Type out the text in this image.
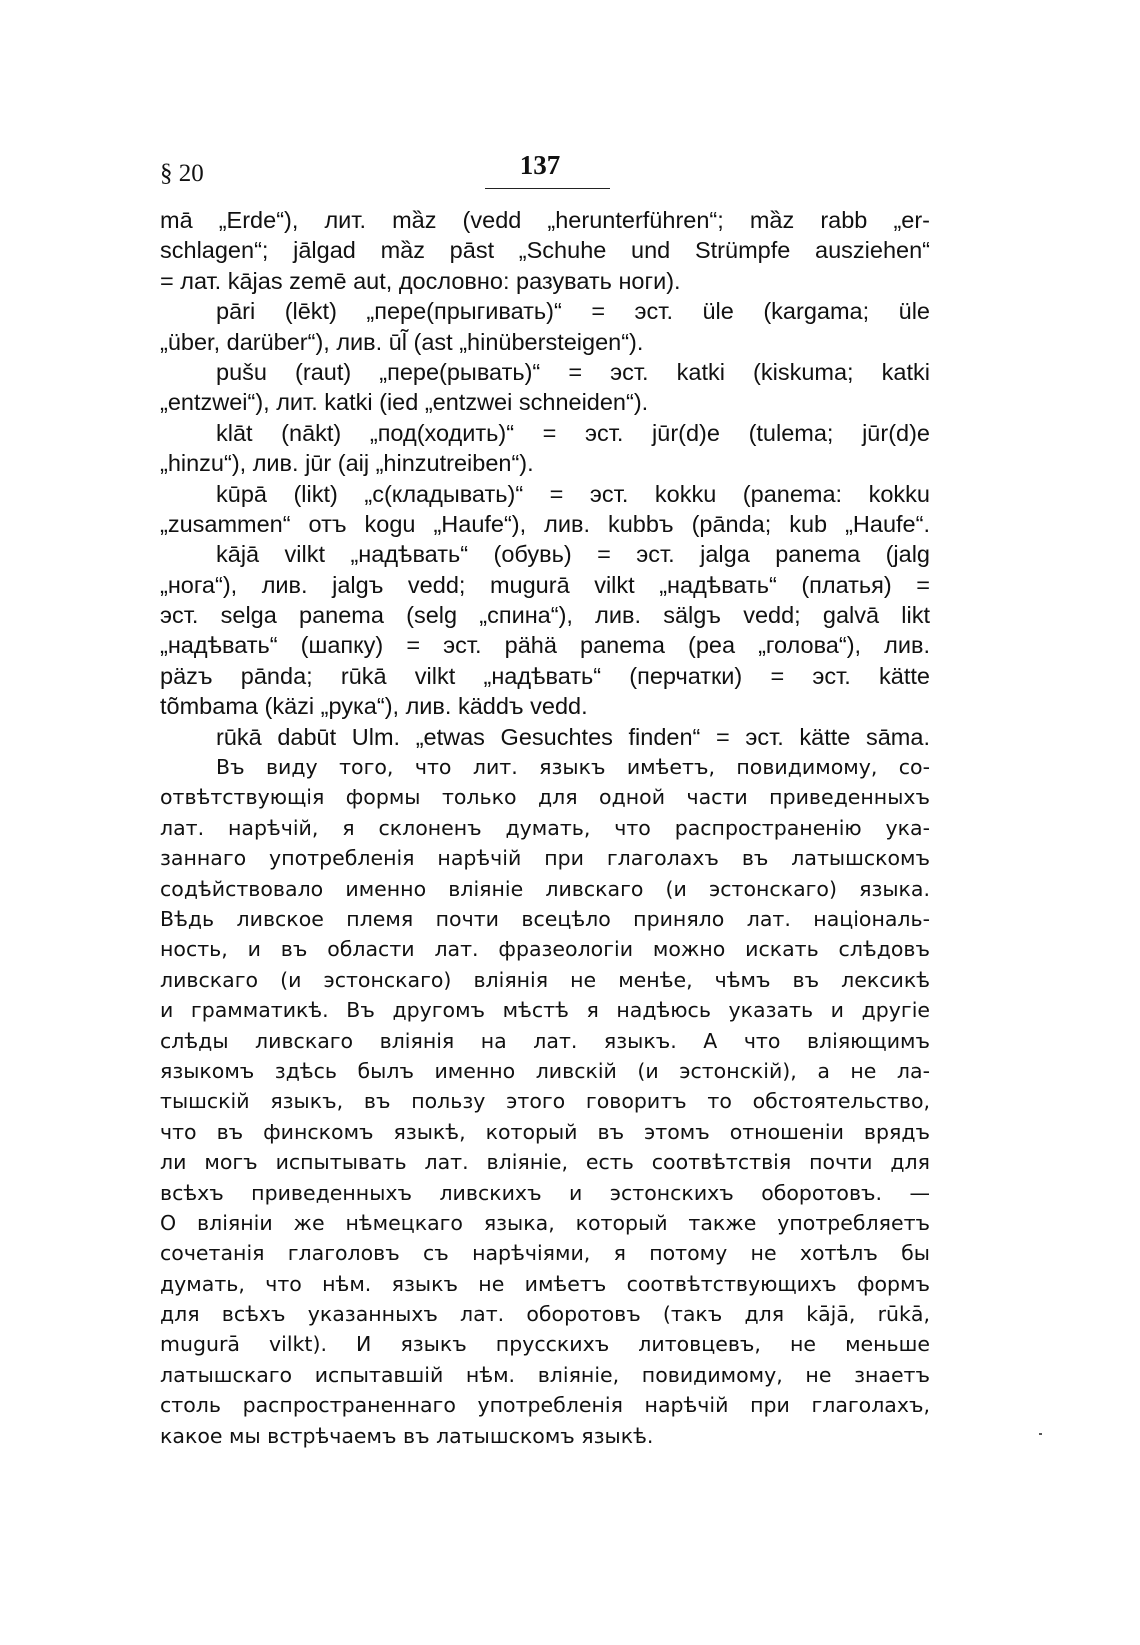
§ 20	137
mā „Erde“), лит. mȁz (vedd „herunterführen“; mȁz rabb „er-
schlagen“; jālgad mȁz pāst „Schuhe und Strümpfe ausziehen“
= лат. kājas zemē aut, дословно: разувать ноги).
pāri (lēkt) „пере(прыгивать)“ = эст. üle (kargama; üle
„über, darüber“), лив. ūl̃ (ast „hinübersteigen“).
pušu (raut) „пере(рывать)“ = эст. katki (kiskuma; katki
„entzwei“), лит. katki (ied „entzwei schneiden“).
klāt (nākt) „под(ходить)“ = эст. jūr(d)e (tulema; jūr(d)e
„hinzu“), лив. jūr (aij „hinzutreiben“).
kūpā (likt) „с(кладывать)“ = эст. kokku (panema: kokku
„zusammen“ отъ kogu „Haufe“), лив. kubbъ (pānda; kub „Haufe“.
kājā vilkt „надѣвать“ (обувь) = эст. jalga panema (jalg
„нога“), лив. jalgъ vedd; mugurā vilkt „надѣвать“ (платья) =
эст. selga panema (selg „спина“), лив. sälgъ vedd; galvā likt
„надѣвать“ (шапку) = эст. pähä panema (pea „голова“), лив.
päzъ pānda; rūkā vilkt „надѣвать“ (перчатки) = эст. kätte
tõmbama (käzi „рука“), лив. käddъ vedd.
rūkā dabūt Ulm. „etwas Gesuchtes finden“ = эст. kätte sāma.
Въ виду того, что лит. языкъ имѣетъ, повидимому, со-
отвѣтствующія формы только для одной части приведенныхъ
лат. нарѣчій, я склоненъ думать, что распространенію ука-
заннаго употребленія нарѣчій при глаголахъ въ латышскомъ
содѣйствовало именно вліяніе ливскаго (и эстонскаго) языка.
Вѣдь ливское племя почти всецѣло приняло лат. національ-
ность, и въ области лат. фразеологіи можно искать слѣдовъ
ливскаго (и эстонскаго) вліянія не менѣе, чѣмъ въ лексикѣ
и грамматикѣ. Въ другомъ мѣстѣ я надѣюсь указать и другіе
слѣды ливскаго вліянія на лат. языкъ. А что вліяющимъ
языкомъ здѣсь былъ именно ливскій (и эстонскій), а не ла-
тышскій языкъ, въ пользу этого говоритъ то обстоятельство,
что въ финскомъ языкѣ, который въ этомъ отношеніи врядъ
ли могъ испытывать лат. вліяніе, есть соотвѣтствія почти для
всѣхъ приведенныхъ ливскихъ и эстонскихъ оборотовъ. —
О вліяніи же нѣмецкаго языка, который также употребляетъ
сочетанія глаголовъ съ нарѣчіями, я потому не хотѣлъ бы
думать, что нѣм. языкъ не имѣетъ соотвѣтствующихъ формъ
для всѣхъ указанныхъ лат. оборотовъ (такъ для kājā, rūkā,
mugurā vilkt). И языкъ прусскихъ литовцевъ, не меньше
латышскаго испытавшій нѣм. вліяніе, повидимому, не знаетъ
столь распространеннаго употребленія нарѣчій при глаголахъ,
какое мы встрѣчаемъ въ латышскомъ языкѣ.
